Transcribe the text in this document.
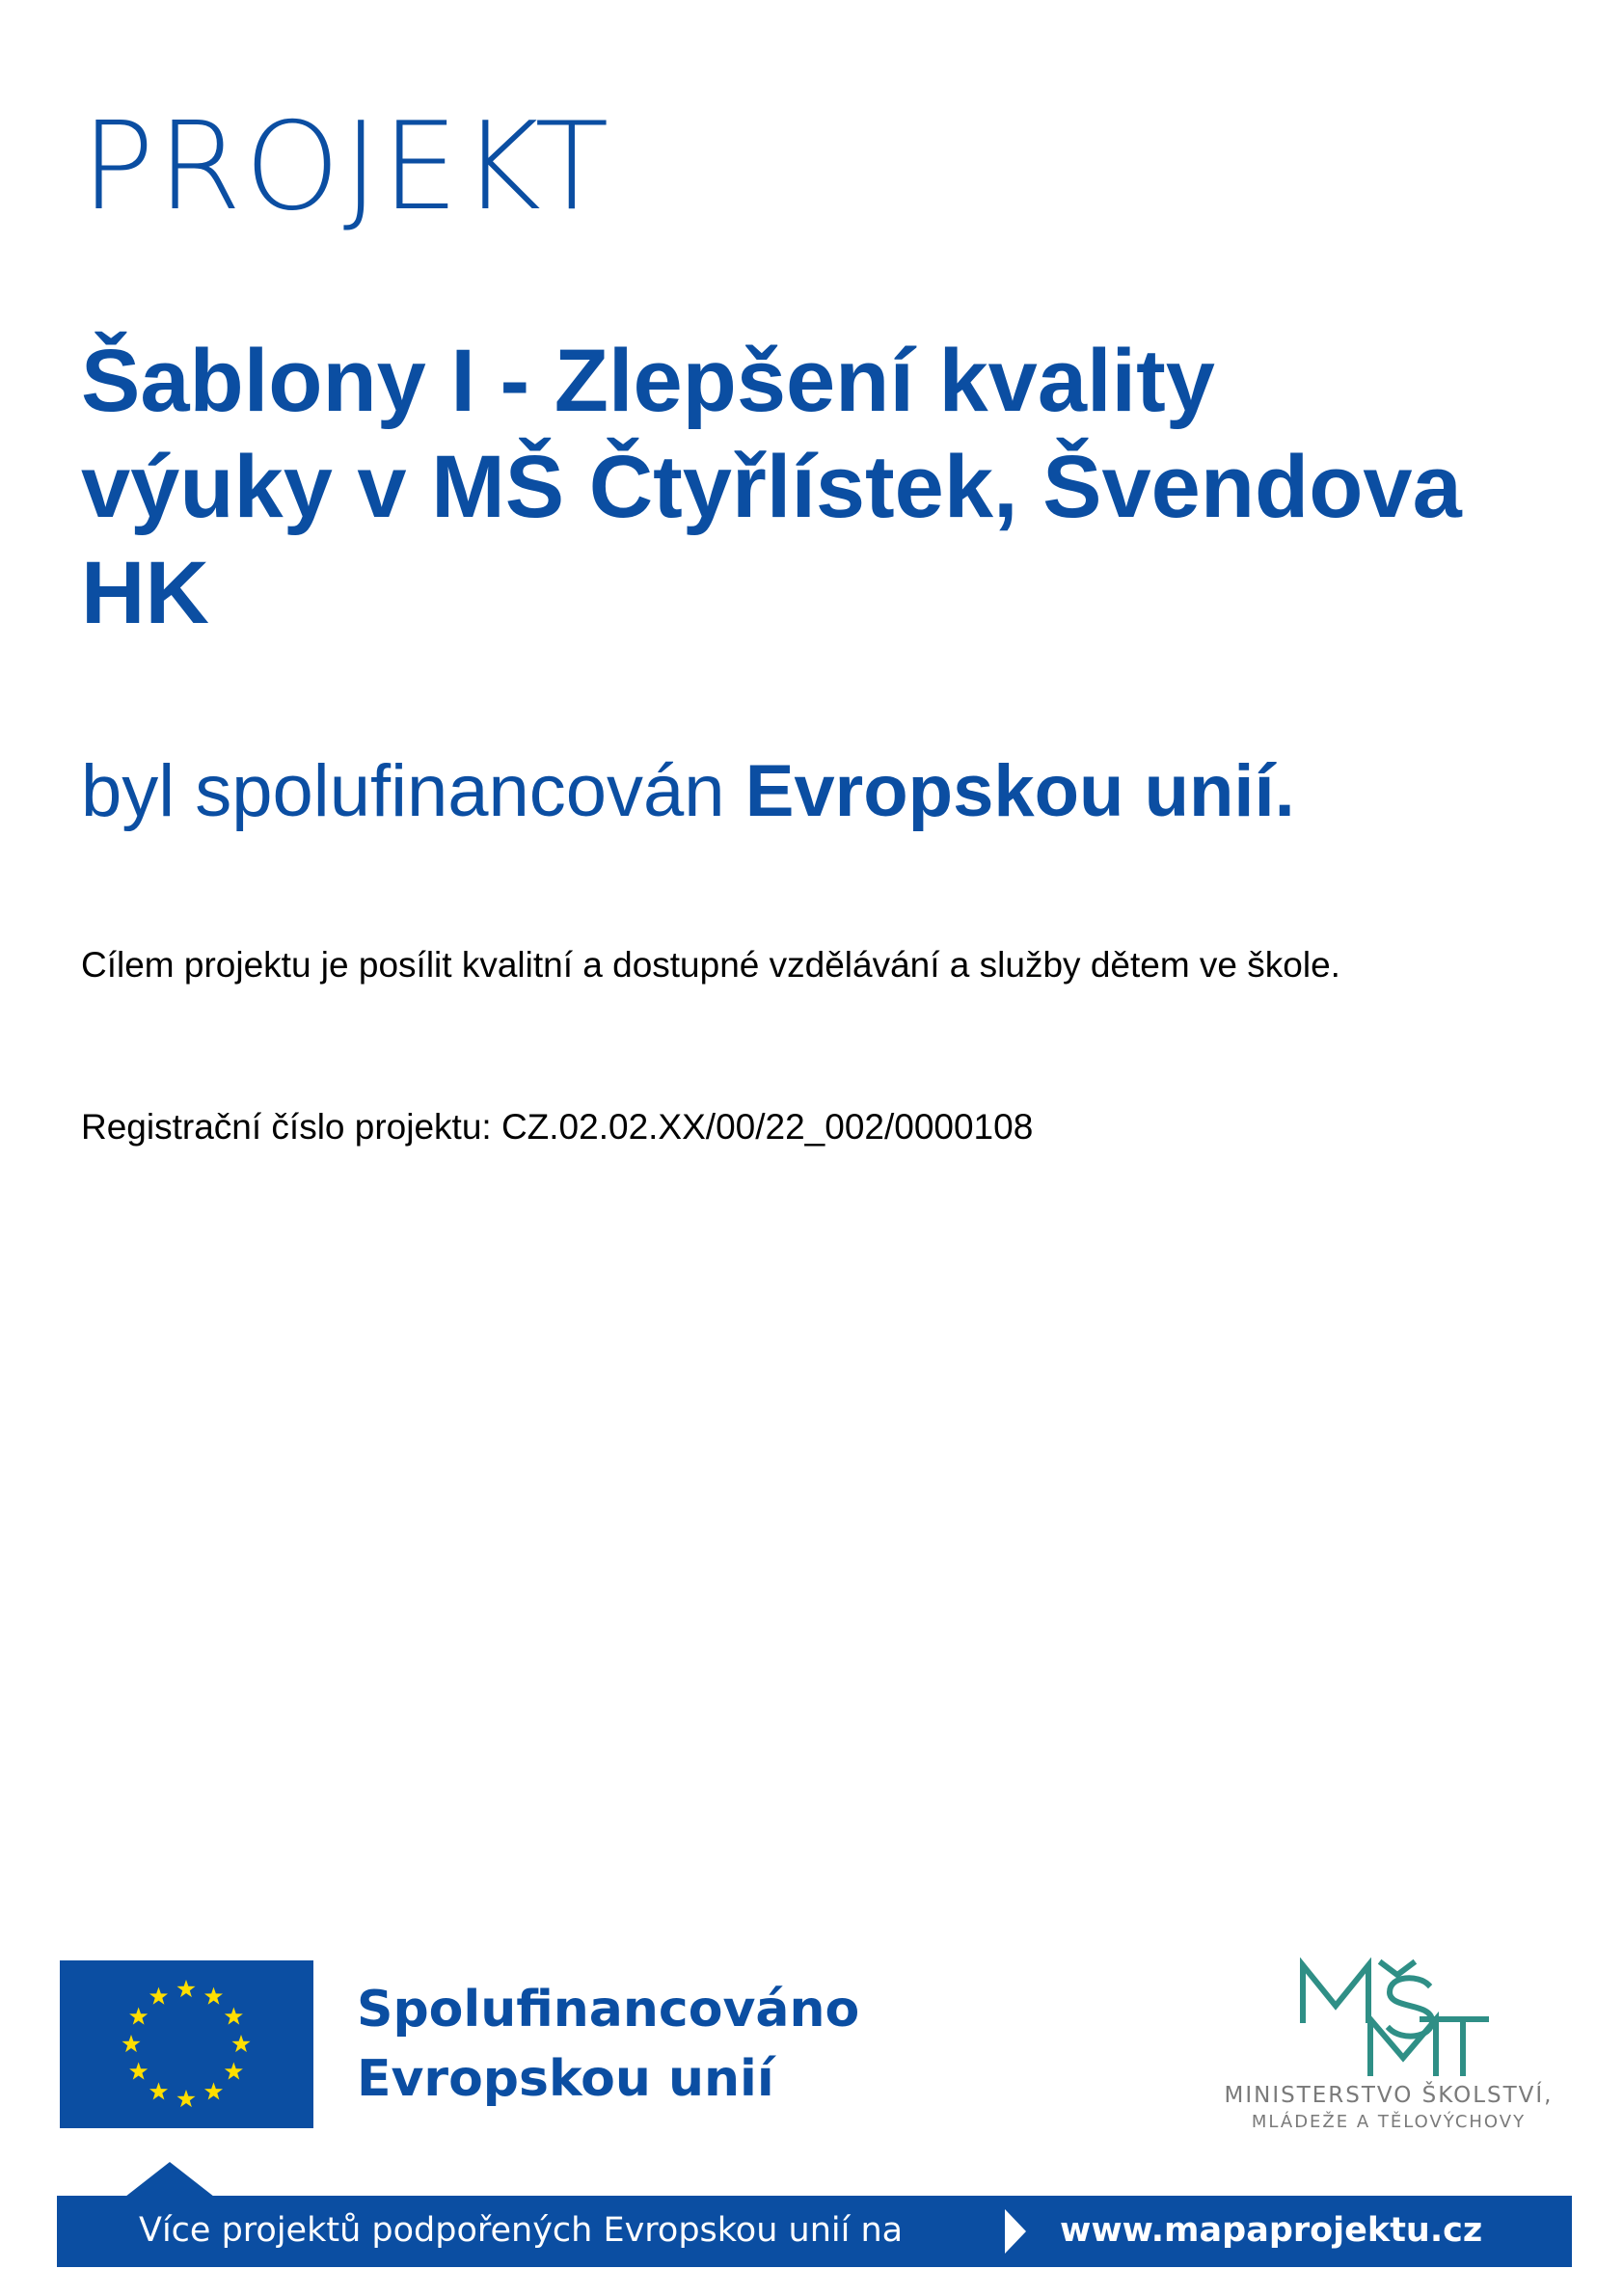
PROJEKT
Šablony I - Zlepšení kvality výuky v MŠ Čtyřlístek, Švendova HK
byl spolufinancován Evropskou unií.
Cílem projektu je posílit kvalitní a dostupné vzdělávání a služby dětem ve škole.
Registrační číslo projektu: CZ.02.02.XX/00/22_002/0000108
Spolufinancováno
Evropskou unií	MINISTERSTVO ŠKOLSTVÍ,
MLÁDEŽE A TĚLOVÝCHOVY
Více projektů podpořených Evropskou unií na	www.mapaprojektu.cz
